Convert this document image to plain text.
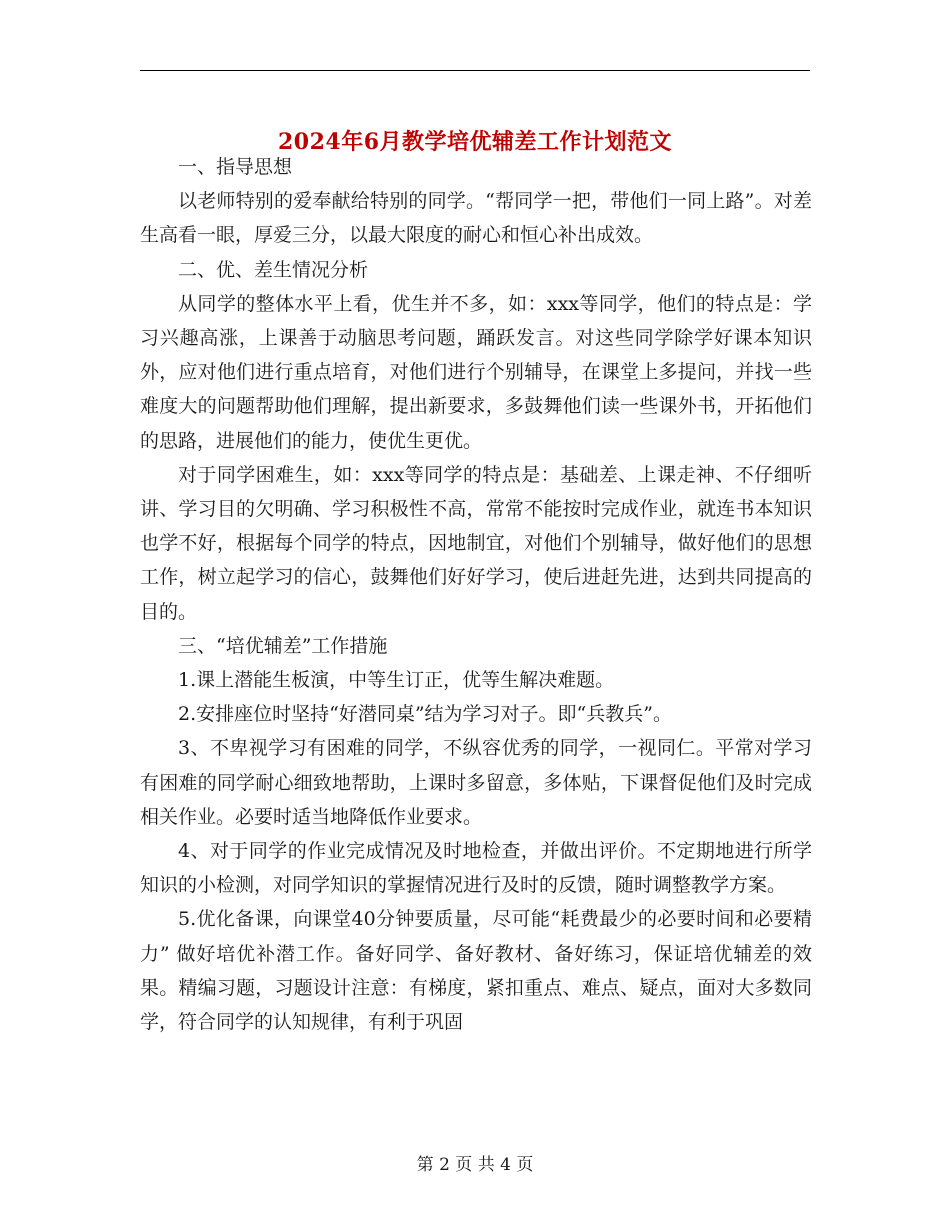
2024年6月教学培优辅差工作计划范文

一、指导思想

以老师特别的爱奉献给特别的同学。“帮同学一把，带他们一同上路”。对差生高看一眼，厚爱三分，以最大限度的耐心和恒心补出成效。

二、优、差生情况分析

从同学的整体水平上看，优生并不多，如：xxx等同学，他们的特点是：学习兴趣高涨，上课善于动脑思考问题，踊跃发言。对这些同学除学好课本知识外，应对他们进行重点培育，对他们进行个别辅导，在课堂上多提问，并找一些难度大的问题帮助他们理解，提出新要求，多鼓舞他们读一些课外书，开拓他们的思路，进展他们的能力，使优生更优。

对于同学困难生，如：xxx等同学的特点是：基础差、上课走神、不仔细听讲、学习目的欠明确、学习积极性不高，常常不能按时完成作业，就连书本知识也学不好，根据每个同学的特点，因地制宜，对他们个别辅导，做好他们的思想工作，树立起学习的信心，鼓舞他们好好学习，使后进赶先进，达到共同提高的目的。

三、“培优辅差”工作措施

1.课上潜能生板演，中等生订正，优等生解决难题。

2.安排座位时坚持“好潜同桌”结为学习对子。即“兵教兵”。

3、不卑视学习有困难的同学，不纵容优秀的同学，一视同仁。平常对学习有困难的同学耐心细致地帮助，上课时多留意，多体贴，下课督促他们及时完成相关作业。必要时适当地降低作业要求。

4、对于同学的作业完成情况及时地检查，并做出评价。不定期地进行所学知识的小检测，对同学知识的掌握情况进行及时的反馈，随时调整教学方案。

5.优化备课，向课堂40分钟要质量，尽可能“耗费最少的必要时间和必要精力” 做好培优补潜工作。备好同学、备好教材、备好练习，保证培优辅差的效果。精编习题，习题设计注意：有梯度，紧扣重点、难点、疑点，面对大多数同学，符合同学的认知规律，有利于巩固

第 2 页 共 4 页
